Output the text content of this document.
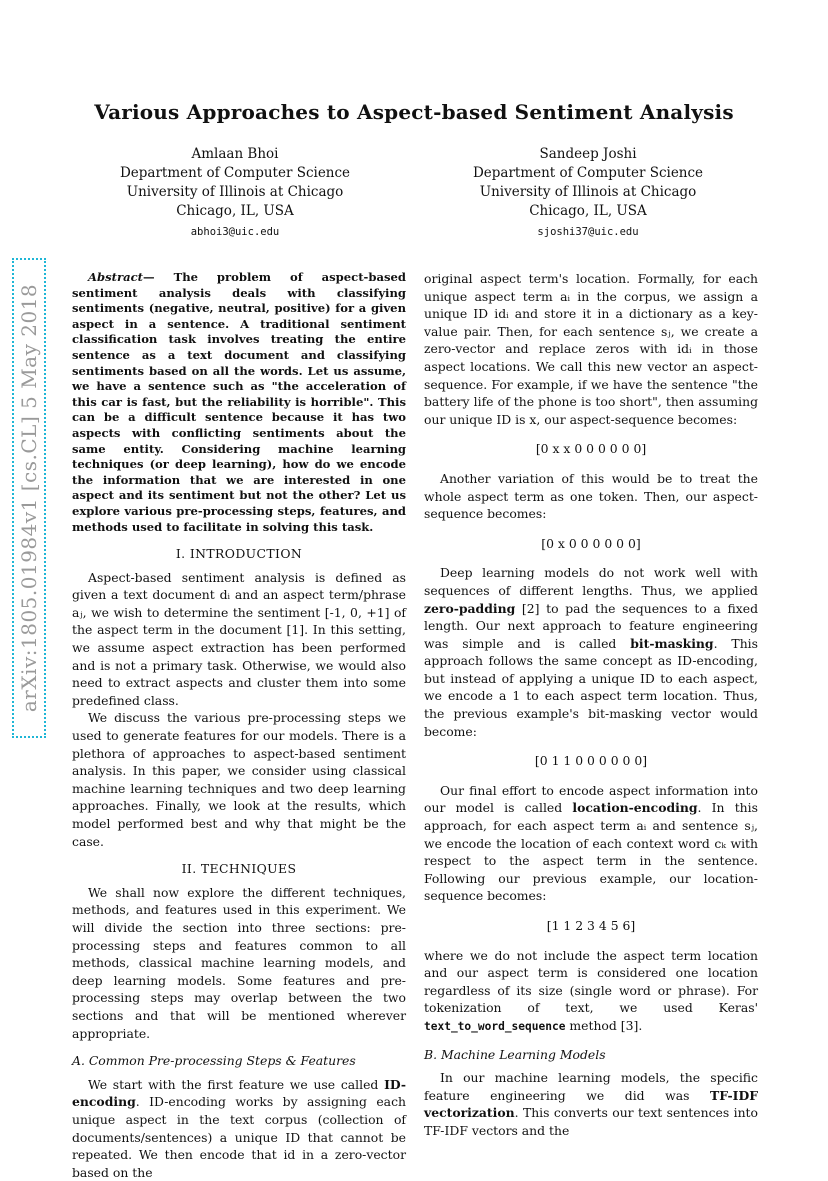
Various Approaches to Aspect-based Sentiment Analysis
Amlaan Bhoi
Department of Computer Science
University of Illinois at Chicago
Chicago, IL, USA
abhoi3@uic.edu
Sandeep Joshi
Department of Computer Science
University of Illinois at Chicago
Chicago, IL, USA
sjoshi37@uic.edu
arXiv:1805.01984v1 [cs.CL] 5 May 2018

Abstract— The problem of aspect-based sentiment analysis deals with classifying sentiments (negative, neutral, positive) for a given aspect in a sentence. A traditional sentiment classification task involves treating the entire sentence as a text document and classifying sentiments based on all the words. Let us assume, we have a sentence such as "the acceleration of this car is fast, but the reliability is horrible". This can be a difficult sentence because it has two aspects with conflicting sentiments about the same entity. Considering machine learning techniques (or deep learning), how do we encode the information that we are interested in one aspect and its sentiment but not the other? Let us explore various pre-processing steps, features, and methods used to facilitate in solving this task.

I. INTRODUCTION

Aspect-based sentiment analysis is defined as given a text document dᵢ and an aspect term/phrase aⱼ, we wish to determine the sentiment [-1, 0, +1] of the aspect term in the document [1]. In this setting, we assume aspect extraction has been performed and is not a primary task. Otherwise, we would also need to extract aspects and cluster them into some predefined class.

We discuss the various pre-processing steps we used to generate features for our models. There is a plethora of approaches to aspect-based sentiment analysis. In this paper, we consider using classical machine learning techniques and two deep learning approaches. Finally, we look at the results, which model performed best and why that might be the case.

II. TECHNIQUES

We shall now explore the different techniques, methods, and features used in this experiment. We will divide the section into three sections: pre-processing steps and features common to all methods, classical machine learning models, and deep learning models. Some features and pre-processing steps may overlap between the two sections and that will be mentioned wherever appropriate.

A. Common Pre-processing Steps & Features

We start with the first feature we use called ID-encoding. ID-encoding works by assigning each unique aspect in the text corpus (collection of documents/sentences) a unique ID that cannot be repeated. We then encode that id in a zero-vector based on the

original aspect term's location. Formally, for each unique aspect term aᵢ in the corpus, we assign a unique ID idᵢ and store it in a dictionary as a key-value pair. Then, for each sentence sⱼ, we create a zero-vector and replace zeros with idᵢ in those aspect locations. We call this new vector an aspect-sequence. For example, if we have the sentence "the battery life of the phone is too short", then assuming our unique ID is x, our aspect-sequence becomes:

[0 x x 0 0 0 0 0 0]

Another variation of this would be to treat the whole aspect term as one token. Then, our aspect-sequence becomes:

[0 x 0 0 0 0 0 0]

Deep learning models do not work well with sequences of different lengths. Thus, we applied zero-padding [2] to pad the sequences to a fixed length. Our next approach to feature engineering was simple and is called bit-masking. This approach follows the same concept as ID-encoding, but instead of applying a unique ID to each aspect, we encode a 1 to each aspect term location. Thus, the previous example's bit-masking vector would become:

[0 1 1 0 0 0 0 0 0]

Our final effort to encode aspect information into our model is called location-encoding. In this approach, for each aspect term aᵢ and sentence sⱼ, we encode the location of each context word cₖ with respect to the aspect term in the sentence. Following our previous example, our location-sequence becomes:

[1 1 2 3 4 5 6]

where we do not include the aspect term location and our aspect term is considered one location regardless of its size (single word or phrase). For tokenization of text, we used Keras' text_to_word_sequence method [3].

B. Machine Learning Models

In our machine learning models, the specific feature engineering we did was TF-IDF vectorization. This converts our text sentences into TF-IDF vectors and the
